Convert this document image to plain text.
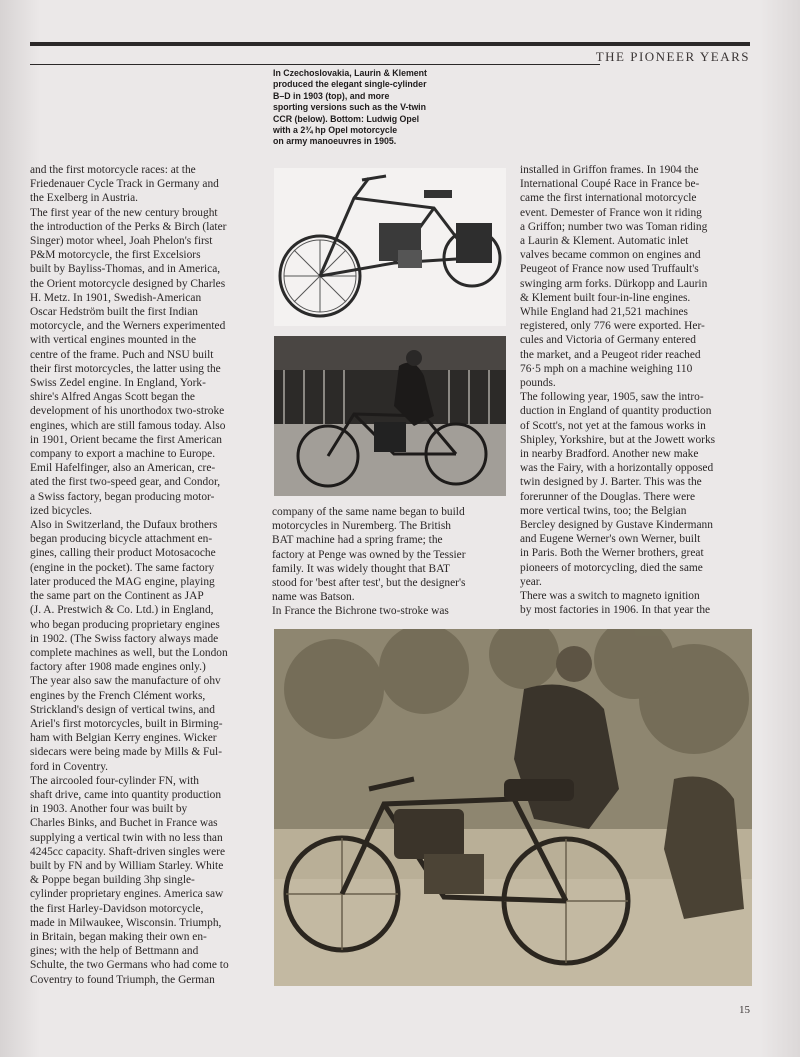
THE PIONEER YEARS
In Czechoslovakia, Laurin & Klement
produced the elegant single-cylinder
B–D in 1903 (top), and more
sporting versions such as the V-twin
CCR (below). Bottom: Ludwig Opel
with a 2¾ hp Opel motorcycle
on army manoeuvres in 1905.
and the first motorcycle races: at the
Friedenauer Cycle Track in Germany and
the Exelberg in Austria.
The first year of the new century brought
the introduction of the Perks & Birch (later
Singer) motor wheel, Joah Phelon's first
P&M motorcycle, the first Excelsiors
built by Bayliss-Thomas, and in America,
the Orient motorcycle designed by Charles
H. Metz. In 1901, Swedish-American
Oscar Hedström built the first Indian
motorcycle, and the Werners experimented
with vertical engines mounted in the
centre of the frame. Puch and NSU built
their first motorcycles, the latter using the
Swiss Zedel engine. In England, York-
shire's Alfred Angas Scott began the
development of his unorthodox two-stroke
engines, which are still famous today. Also
in 1901, Orient became the first American
company to export a machine to Europe.
Emil Hafelfinger, also an American, cre-
ated the first two-speed gear, and Condor,
a Swiss factory, began producing motor-
ized bicycles.
Also in Switzerland, the Dufaux brothers
began producing bicycle attachment en-
gines, calling their product Motosacoche
(engine in the pocket). The same factory
later produced the MAG engine, playing
the same part on the Continent as JAP
(J. A. Prestwich & Co. Ltd.) in England,
who began producing proprietary engines
in 1902. (The Swiss factory always made
complete machines as well, but the London
factory after 1908 made engines only.)
The year also saw the manufacture of ohv
engines by the French Clément works,
Strickland's design of vertical twins, and
Ariel's first motorcycles, built in Birming-
ham with Belgian Kerry engines. Wicker
sidecars were being made by Mills & Ful-
ford in Coventry.
The aircooled four-cylinder FN, with
shaft drive, came into quantity production
in 1903. Another four was built by
Charles Binks, and Buchet in France was
supplying a vertical twin with no less than
4245cc capacity. Shaft-driven singles were
built by FN and by William Starley. White
& Poppe began building 3hp single-
cylinder proprietary engines. America saw
the first Harley-Davidson motorcycle,
made in Milwaukee, Wisconsin. Triumph,
in Britain, began making their own en-
gines; with the help of Bettmann and
Schulte, the two Germans who had come to
Coventry to found Triumph, the German
company of the same name began to build
motorcycles in Nuremberg. The British
BAT machine had a spring frame; the
factory at Penge was owned by the Tessier
family. It was widely thought that BAT
stood for 'best after test', but the designer's
name was Batson.
In France the Bichrone two-stroke was
installed in Griffon frames. In 1904 the
International Coupé Race in France be-
came the first international motorcycle
event. Demester of France won it riding
a Griffon; number two was Toman riding
a Laurin & Klement. Automatic inlet
valves became common on engines and
Peugeot of France now used Truffault's
swinging arm forks. Dürkopp and Laurin
& Klement built four-in-line engines.
While England had 21,521 machines
registered, only 776 were exported. Her-
cules and Victoria of Germany entered
the market, and a Peugeot rider reached
76·5 mph on a machine weighing 110
pounds.
The following year, 1905, saw the intro-
duction in England of quantity production
of Scott's, not yet at the famous works in
Shipley, Yorkshire, but at the Jowett works
in nearby Bradford. Another new make
was the Fairy, with a horizontally opposed
twin designed by J. Barter. This was the
forerunner of the Douglas. There were
more vertical twins, too; the Belgian
Bercley designed by Gustave Kindermann
and Eugene Werner's own Werner, built
in Paris. Both the Werner brothers, great
pioneers of motorcycling, died the same
year.
There was a switch to magneto ignition
by most factories in 1906. In that year the
15
